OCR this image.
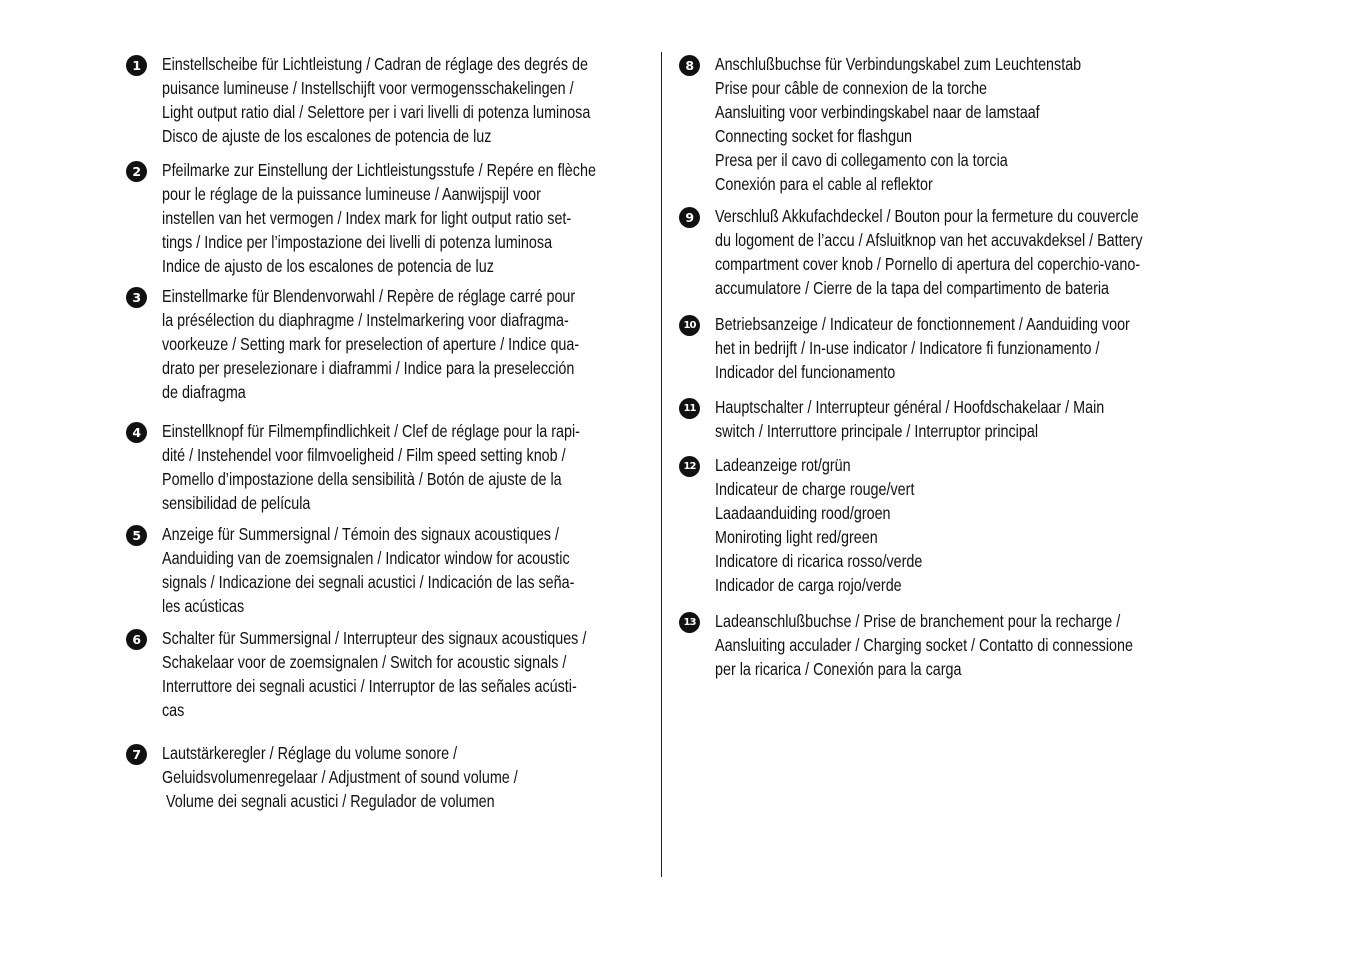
1	Einstellscheibe für Lichtleistung / Cadran de réglage des degrés de
puisance lumineuse / Instellschijft voor vermogensschakelingen /
Light output ratio dial / Selettore per i vari livelli di potenza luminosa
Disco de ajuste de los escalones de potencia de luz
2	Pfeilmarke zur Einstellung der Lichtleistungsstufe / Repére en flèche
pour le réglage de la puissance lumineuse / Aanwijspijl voor
instellen van het vermogen / Index mark for light output ratio set-
tings / Indice per l’impostazione dei livelli di potenza luminosa
Indice de ajusto de los escalones de potencia de luz
3	Einstellmarke für Blendenvorwahl / Repère de réglage carré pour
la présélection du diaphragme / Instelmarkering voor diafragma-
voorkeuze / Setting mark for preselection of aperture / Indice qua-
drato per preselezionare i diaframmi / Indice para la preselección
de diafragma
4	Einstellknopf für Filmempfindlichkeit / Clef de réglage pour la rapi-
dité / Instehendel voor filmvoeligheid / Film speed setting knob /
Pomello d’impostazione della sensibilità / Botón de ajuste de la
sensibilidad de película
5	Anzeige für Summersignal / Témoin des signaux acoustiques /
Aanduiding van de zoemsignalen / Indicator window for acoustic
signals / Indicazione dei segnali acustici / Indicación de las seña-
les acústicas
6	Schalter für Summersignal / Interrupteur des signaux acoustiques /
Schakelaar voor de zoemsignalen / Switch for acoustic signals /
Interruttore dei segnali acustici / Interruptor de las señales acústi-
cas
7	Lautstärkeregler / Réglage du volume sonore /
Geluidsvolumenregelaar / Adjustment of sound volume /
Volume dei segnali acustici / Regulador de volumen
8	Anschlußbuchse für Verbindungskabel zum Leuchtenstab
Prise pour câble de connexion de la torche
Aansluiting voor verbindingskabel naar de lamstaaf
Connecting socket for flashgun
Presa per il cavo di collegamento con la torcia
Conexión para el cable al reflektor
9	Verschluß Akkufachdeckel / Bouton pour la fermeture du couvercle
du logoment de l’accu / Afsluitknop van het accuvakdeksel / Battery
compartment cover knob / Pornello di apertura del coperchio-vano-
accumulatore / Cierre de la tapa del compartimento de bateria
10 Betriebsanzeige / Indicateur de fonctionnement / Aanduiding voor
het in bedrijft / In-use indicator / Indicatore fi funzionamento /
Indicador del funcionamento
11 Hauptschalter / Interrupteur général / Hoofdschakelaar / Main
switch / Interruttore principale / Interruptor principal
12 Ladeanzeige rot/grün
Indicateur de charge rouge/vert
Laadaanduiding rood/groen
Moniroting light red/green
Indicatore di ricarica rosso/verde
Indicador de carga rojo/verde
13 Ladeanschlußbuchse / Prise de branchement pour la recharge /
Aansluiting acculader / Charging socket / Contatto di connessione
per la ricarica / Conexión para la carga
